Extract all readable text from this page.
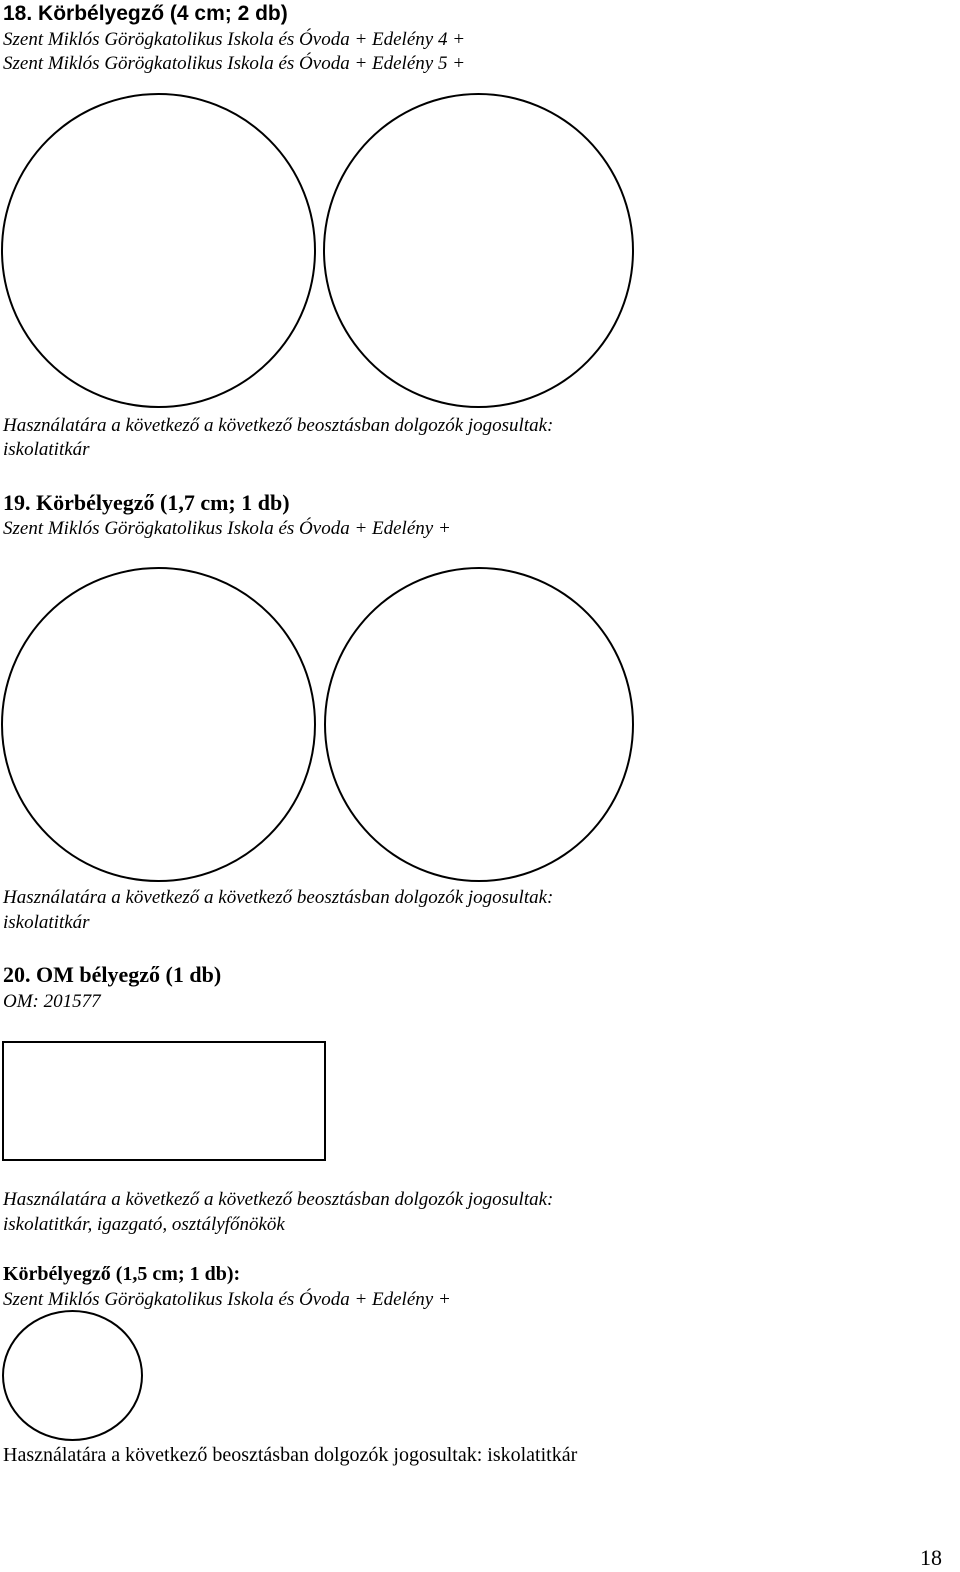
18. Körbélyegző (4 cm; 2 db)

Szent Miklós Görögkatolikus Iskola és Óvoda + Edelény 4 +

Szent Miklós Görögkatolikus Iskola és Óvoda + Edelény 5 +

Használatára a következő a következő beosztásban dolgozók jogosultak:

iskolatitkár

19. Körbélyegző (1,7 cm; 1 db)

Szent Miklós Görögkatolikus Iskola és Óvoda + Edelény +

Használatára a következő a következő beosztásban dolgozók jogosultak:

iskolatitkár

20. OM bélyegző (1 db)

OM: 201577

Használatára a következő a következő beosztásban dolgozók jogosultak:

iskolatitkár, igazgató, osztályfőnökök

Körbélyegző (1,5 cm; 1 db):

Szent Miklós Görögkatolikus Iskola és Óvoda + Edelény +

Használatára a következő beosztásban dolgozók jogosultak: iskolatitkár

18
